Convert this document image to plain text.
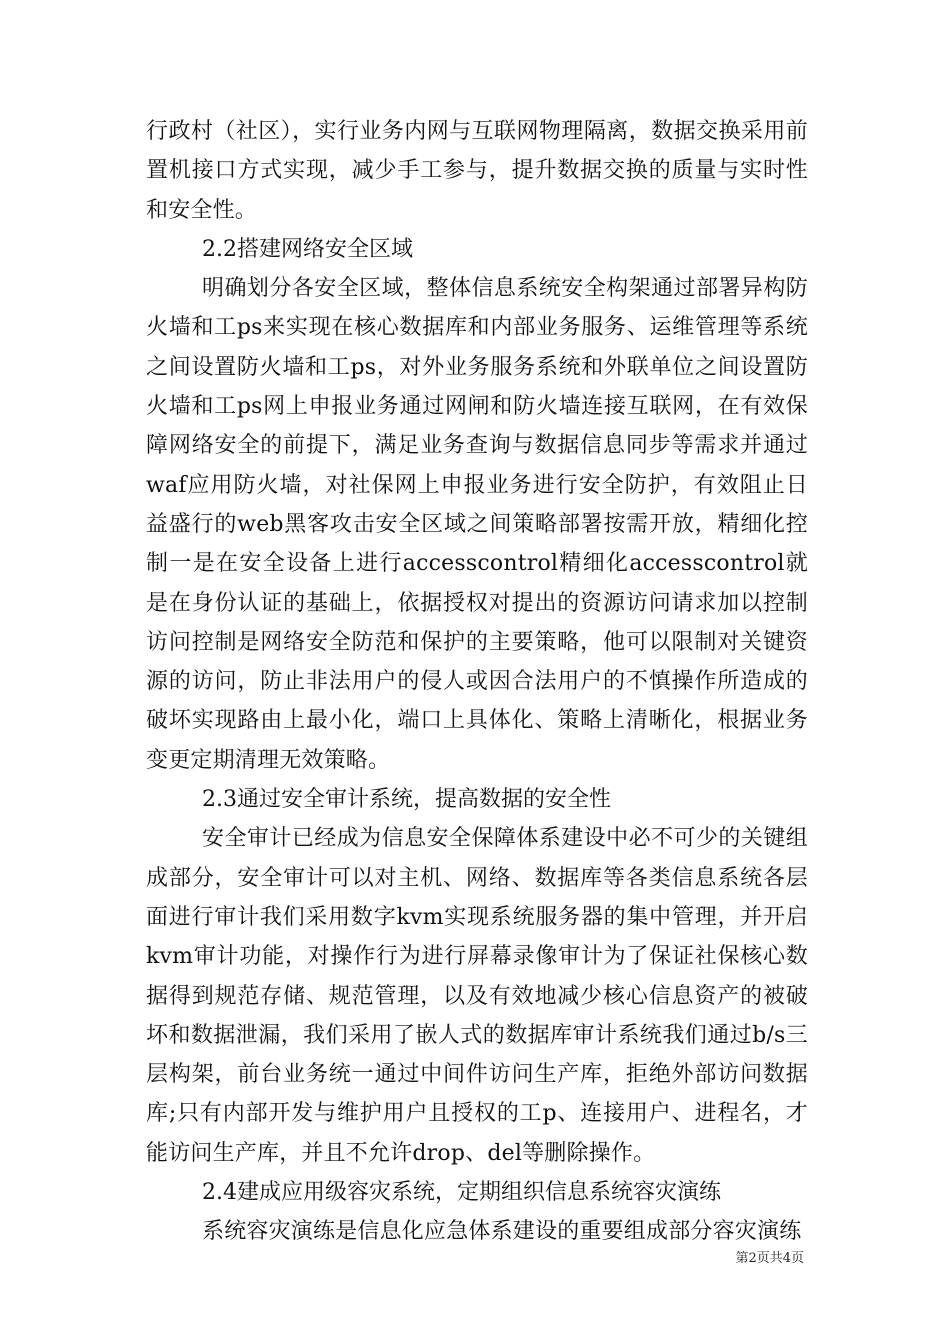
行政村（社区），实行业务内网与互联网物理隔离，数据交换采用前置机接口方式实现，减少手工参与，提升数据交换的质量与实时性和安全性。

2.2搭建网络安全区域

明确划分各安全区域，整体信息系统安全构架通过部署异构防火墙和工ps来实现在核心数据库和内部业务服务、运维管理等系统之间设置防火墙和工ps，对外业务服务系统和外联单位之间设置防火墙和工ps网上申报业务通过网闸和防火墙连接互联网，在有效保障网络安全的前提下，满足业务查询与数据信息同步等需求并通过waf应用防火墙，对社保网上申报业务进行安全防护，有效阻止日益盛行的web黑客攻击安全区域之间策略部署按需开放，精细化控制一是在安全设备上进行accesscontrol精细化accesscontrol就是在身份认证的基础上，依据授权对提出的资源访问请求加以控制访问控制是网络安全防范和保护的主要策略，他可以限制对关键资源的访问，防止非法用户的侵人或因合法用户的不慎操作所造成的破坏实现路由上最小化，端口上具体化、策略上清晰化，根据业务变更定期清理无效策略。

2.3通过安全审计系统，提高数据的安全性

安全审计已经成为信息安全保障体系建设中必不可少的关键组成部分，安全审计可以对主机、网络、数据库等各类信息系统各层面进行审计我们采用数字kvm实现系统服务器的集中管理，并开启kvm审计功能，对操作行为进行屏幕录像审计为了保证社保核心数据得到规范存储、规范管理，以及有效地减少核心信息资产的被破坏和数据泄漏，我们采用了嵌人式的数据库审计系统我们通过b/s三层构架，前台业务统一通过中间件访问生产库，拒绝外部访问数据库;只有内部开发与维护用户且授权的工p、连接用户、进程名，才能访问生产库，并且不允许drop、del等删除操作。

2.4建成应用级容灾系统，定期组织信息系统容灾演练

系统容灾演练是信息化应急体系建设的重要组成部分容灾演练

第2页共4页
